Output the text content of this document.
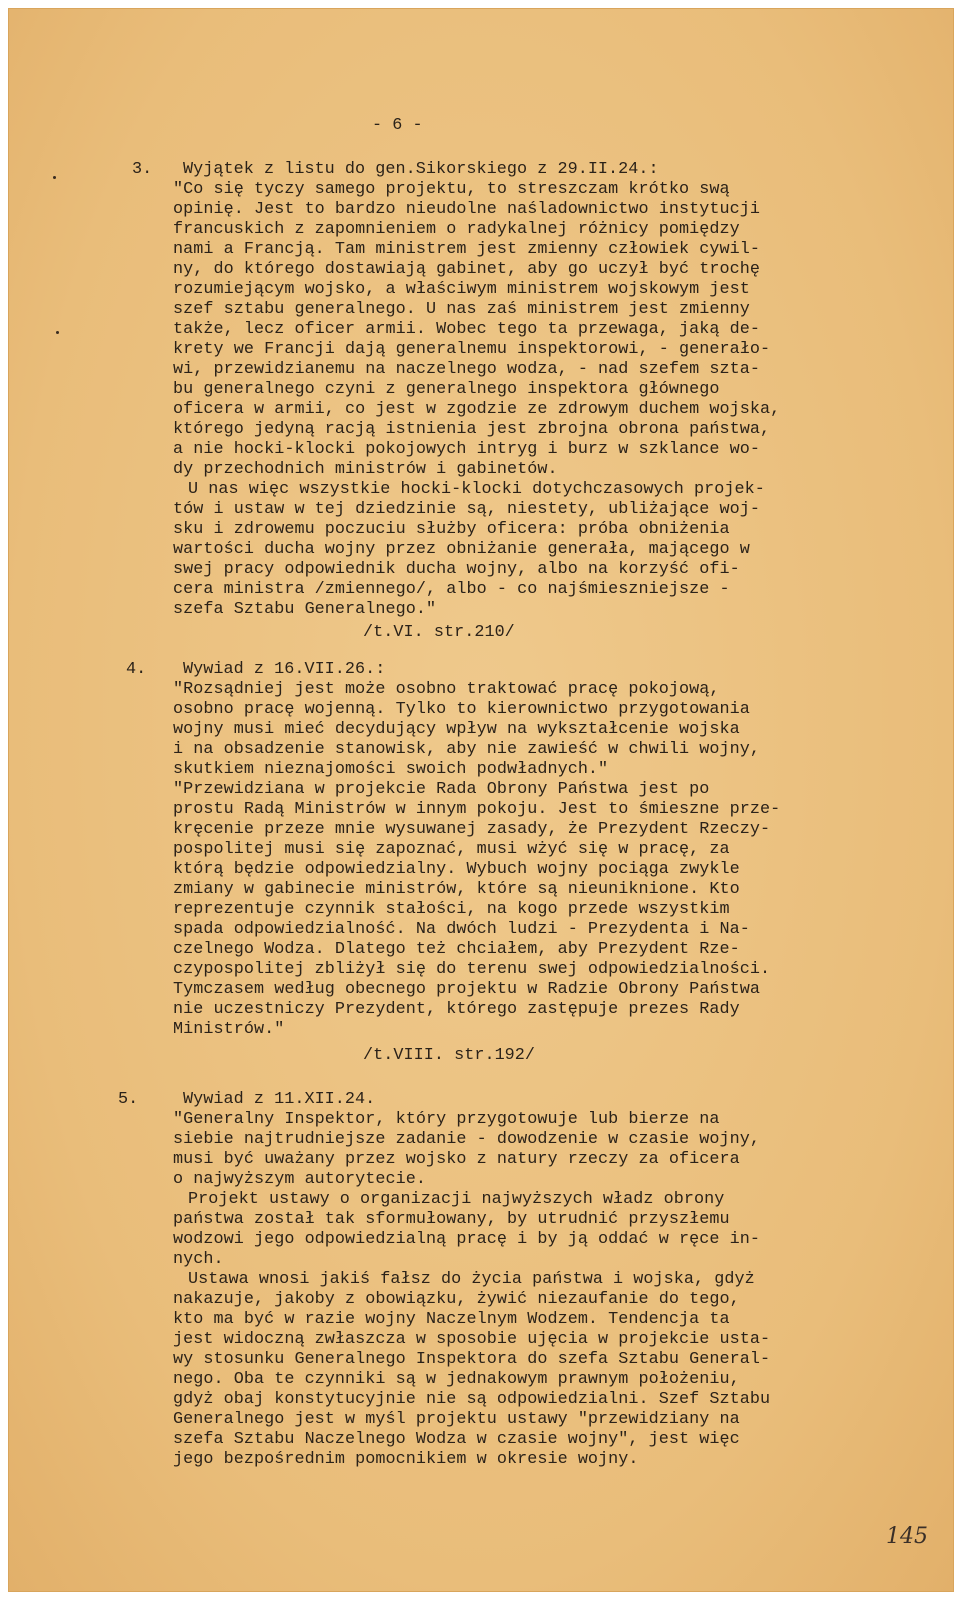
- 6 -
3. Wyjątek z listu do gen.Sikorskiego z 29.II.24.:
"Co się tyczy samego projektu, to streszczam krótko swą
opinię. Jest to bardzo nieudolne naśladownictwo instytucji
francuskich z zapomnieniem o radykalnej różnicy pomiędzy
nami a Francją. Tam ministrem jest zmienny człowiek cywil-
ny, do którego dostawiają gabinet, aby go uczył być trochę
rozumiejącym wojsko, a właściwym ministrem wojskowym jest
szef sztabu generalnego. U nas zaś ministrem jest zmienny
także, lecz oficer armii. Wobec tego ta przewaga, jaką de-
krety we Francji dają generalnemu inspektorowi, - generało-
wi, przewidzianemu na naczelnego wodza, - nad szefem szta-
bu generalnego czyni z generalnego inspektora głównego
oficera w armii, co jest w zgodzie ze zdrowym duchem wojska,
którego jedyną racją istnienia jest zbrojna obrona państwa,
a nie hocki-klocki pokojowych intryg i burz w szklance wo-
dy przechodnich ministrów i gabinetów.
U nas więc wszystkie hocki-klocki dotychczasowych projek-
tów i ustaw w tej dziedzinie są, niestety, ubliżające woj-
sku i zdrowemu poczuciu służby oficera: próba obniżenia
wartości ducha wojny przez obniżanie generała, mającego w
swej pracy odpowiednik ducha wojny, albo na korzyść ofi-
cera ministra /zmiennego/, albo - co najśmieszniejsze -
szefa Sztabu Generalnego."
/t.VI. str.210/
4. Wywiad z 16.VII.26.:
"Rozsądniej jest może osobno traktować pracę pokojową,
osobno pracę wojenną. Tylko to kierownictwo przygotowania
wojny musi mieć decydujący wpływ na wykształcenie wojska
i na obsadzenie stanowisk, aby nie zawieść w chwili wojny,
skutkiem nieznajomości swoich podwładnych."
"Przewidziana w projekcie Rada Obrony Państwa jest po
prostu Radą Ministrów w innym pokoju. Jest to śmieszne prze-
kręcenie przeze mnie wysuwanej zasady, że Prezydent Rzeczy-
pospolitej musi się zapoznać, musi wżyć się w pracę, za
którą będzie odpowiedzialny. Wybuch wojny pociąga zwykle
zmiany w gabinecie ministrów, które są nieuniknione. Kto
reprezentuje czynnik stałości, na kogo przede wszystkim
spada odpowiedzialność. Na dwóch ludzi - Prezydenta i Na-
czelnego Wodza. Dlatego też chciałem, aby Prezydent Rze-
czypospolitej zbliżył się do terenu swej odpowiedzialności.
Tymczasem według obecnego projektu w Radzie Obrony Państwa
nie uczestniczy Prezydent, którego zastępuje prezes Rady
Ministrów."
/t.VIII. str.192/
5.	Wywiad z 11.XII.24.
"Generalny Inspektor, który przygotowuje lub bierze na
siebie najtrudniejsze zadanie - dowodzenie w czasie wojny,
musi być uważany przez wojsko z natury rzeczy za oficera
o najwyższym autorytecie.
Projekt ustawy o organizacji najwyższych władz obrony
państwa został tak sformułowany, by utrudnić przyszłemu
wodzowi jego odpowiedzialną pracę i by ją oddać w ręce in-
nych.
Ustawa wnosi jakiś fałsz do życia państwa i wojska, gdyż
nakazuje, jakoby z obowiązku, żywić niezaufanie do tego,
kto ma być w razie wojny Naczelnym Wodzem. Tendencja ta
jest widoczną zwłaszcza w sposobie ujęcia w projekcie usta-
wy stosunku Generalnego Inspektora do szefa Sztabu General-
nego. Oba te czynniki są w jednakowym prawnym położeniu,
gdyż obaj konstytucyjnie nie są odpowiedzialni. Szef Sztabu
Generalnego jest w myśl projektu ustawy "przewidziany na
szefa Sztabu Naczelnego Wodza w czasie wojny", jest więc
jego bezpośrednim pomocnikiem w okresie wojny.
145
